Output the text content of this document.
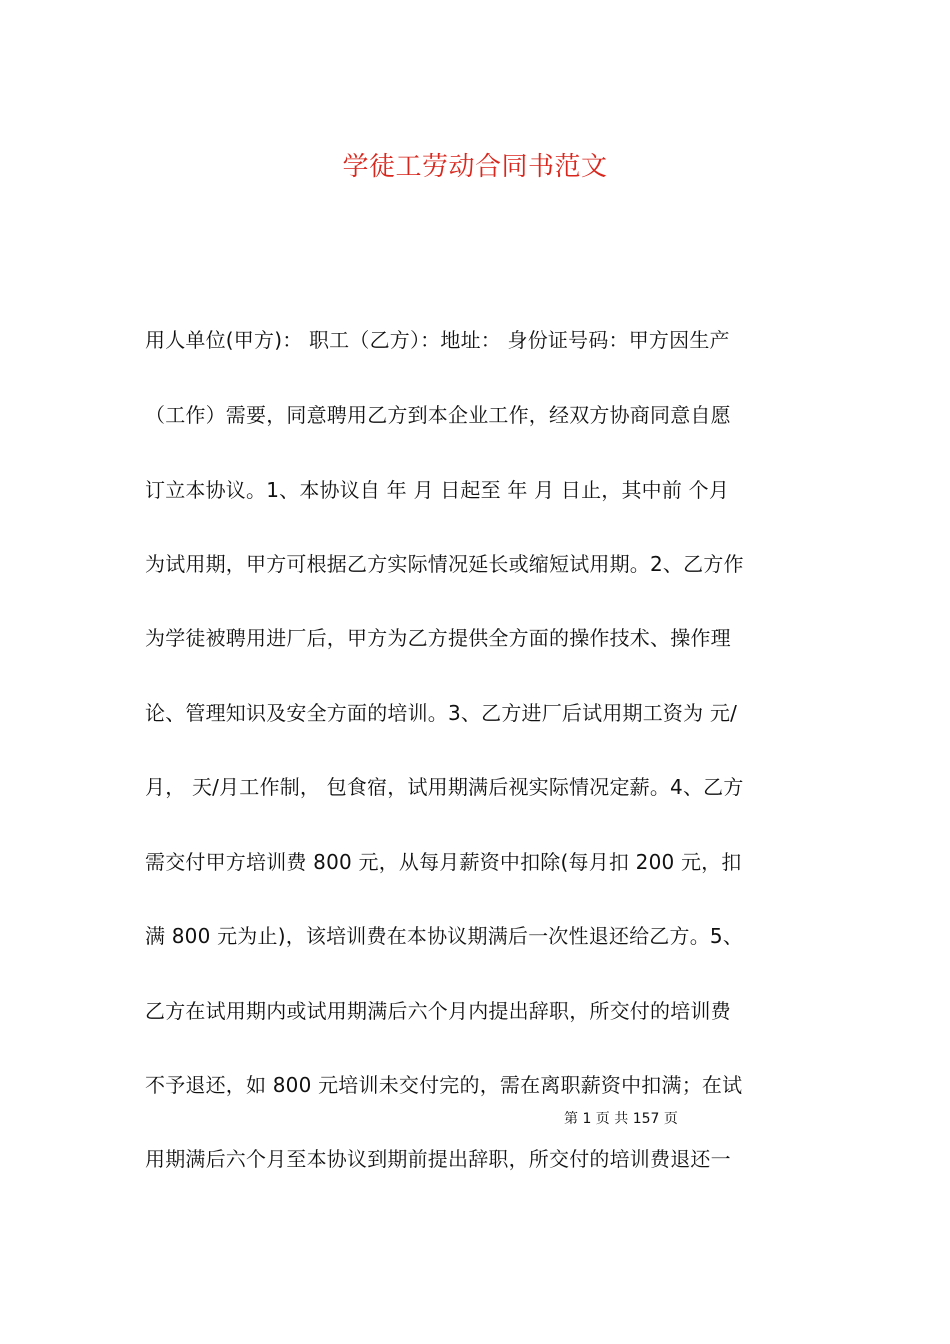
学徒工劳动合同书范文
用人单位(甲方)： 职工（乙方）：地址： 身份证号码：甲方因生产
（工作）需要，同意聘用乙方到本企业工作，经双方协商同意自愿
订立本协议。1、本协议自 年 月 日起至 年 月 日止，其中前 个月
为试用期，甲方可根据乙方实际情况延长或缩短试用期。2、乙方作
为学徒被聘用进厂后，甲方为乙方提供全方面的操作技术、操作理
论、管理知识及安全方面的培训。3、乙方进厂后试用期工资为 元/
月， 天/月工作制， 包食宿，试用期满后视实际情况定薪。4、乙方
需交付甲方培训费 800 元，从每月薪资中扣除(每月扣 200 元，扣
满 800 元为止)，该培训费在本协议期满后一次性退还给乙方。5、
乙方在试用期内或试用期满后六个月内提出辞职，所交付的培训费
不予退还，如 800 元培训未交付完的，需在离职薪资中扣满；在试
用期满后六个月至本协议到期前提出辞职，所交付的培训费退还一
第 1 页 共 157 页
